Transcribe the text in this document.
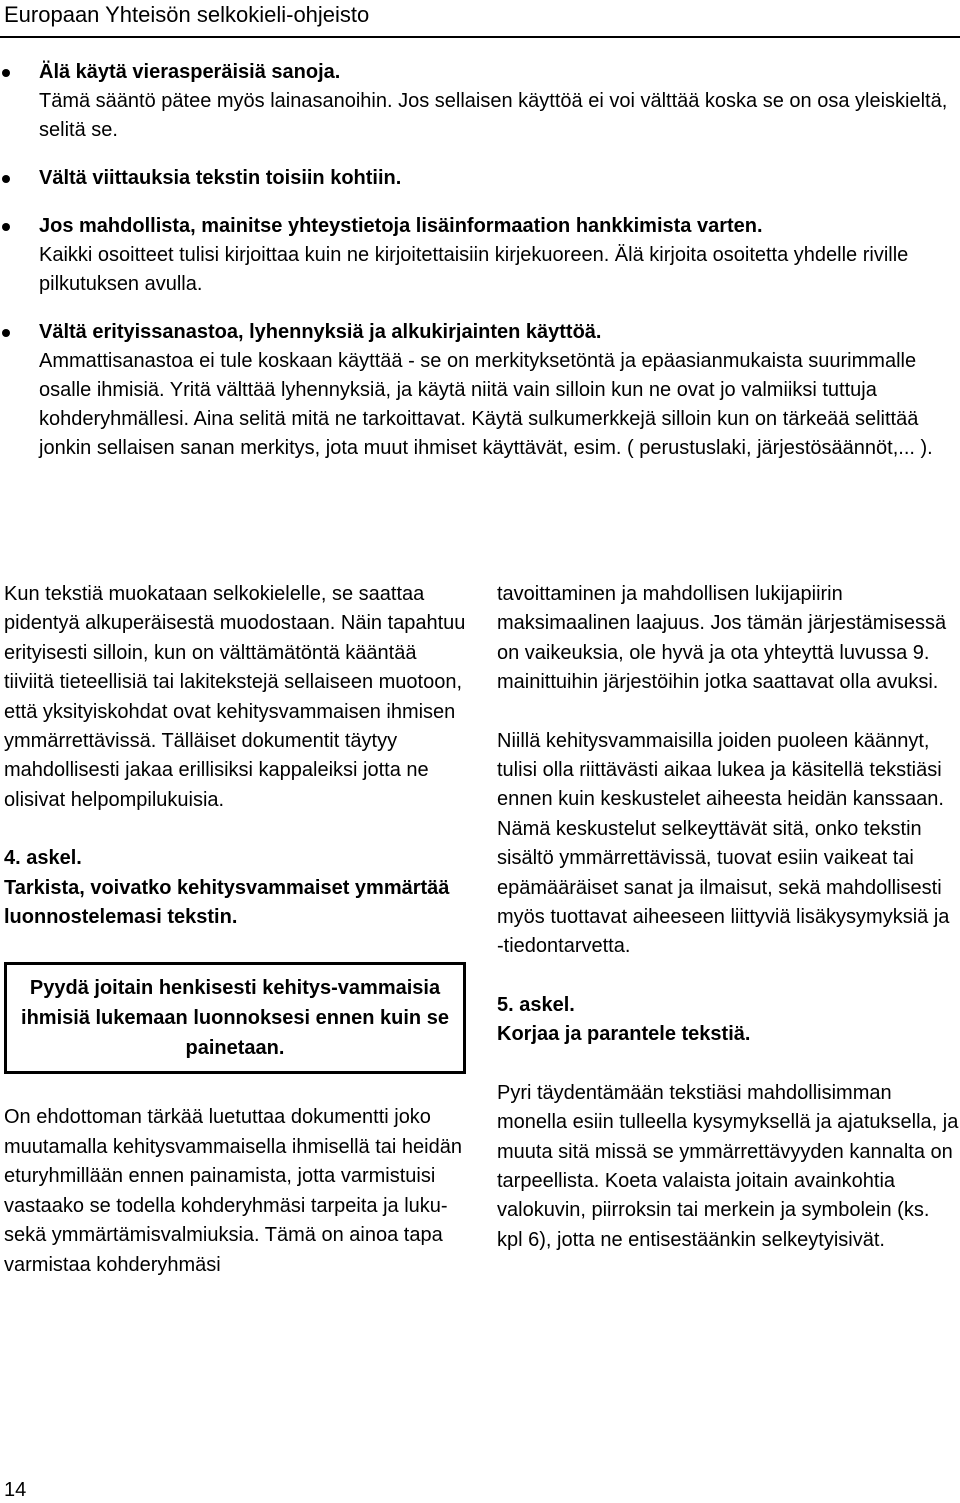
Europaan Yhteisön selkokieli-ohjeisto
Älä käytä vierasperäisiä sanoja.
Tämä sääntö pätee myös lainasanoihin. Jos sellaisen käyttöä ei voi välttää koska se on osa yleiskieltä, selitä se.
Vältä viittauksia tekstin toisiin kohtiin.
Jos mahdollista, mainitse yhteystietoja lisäinformaation hankkimista varten.
Kaikki osoitteet tulisi kirjoittaa kuin ne kirjoitettaisiin kirjekuoreen. Älä kirjoita osoitetta yhdelle riville pilkutuksen avulla.
Vältä erityissanastoa, lyhennyksiä ja alkukirjainten käyttöä.
Ammattisanastoa ei tule koskaan käyttää - se on merkityksetöntä ja epäasianmukaista suurimmalle osalle ihmisiä. Yritä välttää lyhennyksiä, ja käytä niitä vain silloin kun ne ovat jo valmiiksi tuttuja kohderyhmällesi. Aina selitä mitä ne tarkoittavat. Käytä sulkumerkkejä silloin kun on tärkeää selittää jonkin sellaisen sanan merkitys, jota muut ihmiset käyttävät, esim. ( perustuslaki, järjestösäännöt,... ).

Kun tekstiä muokataan selkokielelle, se saattaa pidentyä alkuperäisestä muodostaan. Näin tapahtuu erityisesti silloin, kun on välttämätöntä kääntää tiiviitä tieteellisiä tai lakitekstejä sellaiseen muotoon, että yksityiskohdat ovat kehitysvammaisen ihmisen ymmärrettävissä. Tälläiset dokumentit täytyy mahdollisesti jakaa erillisiksi kappaleiksi jotta ne olisivat helpompilukuisia.

4. askel.
Tarkista, voivatko kehitysvammaiset ymmärtää luonnostelemasi tekstin.

Pyydä joitain henkisesti kehitys-vammaisia ihmisiä lukemaan luonnoksesi ennen kuin se painetaan.

On ehdottoman tärkää luetuttaa dokumentti joko muutamalla kehitysvammaisella ihmisellä tai heidän eturyhmillään ennen painamista, jotta varmistuisi vastaako se todella kohderyhmäsi tarpeita ja luku- sekä ymmärtämisvalmiuksia. Tämä on ainoa tapa varmistaa kohderyhmäsi

tavoittaminen ja mahdollisen lukijapiirin maksimaalinen laajuus. Jos tämän järjestämisessä on vaikeuksia, ole hyvä ja ota yhteyttä luvussa 9. mainittuihin järjestöihin jotka saattavat olla avuksi.

Niillä kehitysvammaisilla joiden puoleen käännyt, tulisi olla riittävästi aikaa lukea ja käsitellä tekstiäsi ennen kuin keskustelet aiheesta heidän kanssaan. Nämä keskustelut selkeyttävät sitä, onko tekstin sisältö ymmärrettävissä, tuovat esiin vaikeat tai epämääräiset sanat ja ilmaisut, sekä mahdollisesti myös tuottavat aiheeseen liittyviä lisäkysymyksiä ja -tiedontarvetta.

5. askel.
Korjaa ja parantele tekstiä.

Pyri täydentämään tekstiäsi mahdollisimman monella esiin tulleella kysymyksellä ja ajatuksella, ja muuta sitä missä se ymmärrettävyyden kannalta on tarpeellista. Koeta valaista joitain avainkohtia valokuvin, piirroksin tai merkein ja symbolein (ks. kpl 6), jotta ne entisestäänkin selkeytyisivät.

14
